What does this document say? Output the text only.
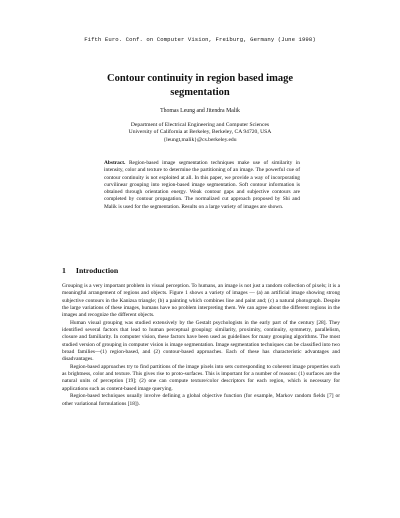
Fifth Euro. Conf. on Computer Vision, Freiburg, Germany (June 1998)
Contour continuity in region based image segmentation
Thomas Leung and Jitendra Malik
Department of Electrical Engineering and Computer Sciences
University of California at Berkeley, Berkeley, CA 94720, USA
{leungt,malik}@cs.berkeley.edu
Abstract. Region-based image segmentation techniques make use of similarity in intensity, color and texture to determine the partitioning of an image. The powerful cue of contour continuity is not exploited at all. In this paper, we provide a way of incorporating curvilinear grouping into region-based image segmentation. Soft contour information is obtained through orientation energy. Weak contour gaps and subjective contours are completed by contour propagation. The normalized cut approach proposed by Shi and Malik is used for the segmentation. Results on a large variety of images are shown.
1 Introduction

Grouping is a very important problem in visual perception. To humans, an image is not just a random collection of pixels; it is a meaningful arrangement of regions and objects. Figure 1 shows a variety of images — (a) an artificial image showing strong subjective contours in the Kanizsa triangle; (b) a painting which combines line and paint and; (c) a natural photograph. Despite the large variations of these images, humans have no problem interpreting them. We can agree about the different regions in the images and recognize the different objects.

Human visual grouping was studied extensively by the Gestalt psychologists in the early part of the century [28]. They identified several factors that lead to human perceptual grouping: similarity, proximity, continuity, symmetry, parallelism, closure and familiarity. In computer vision, these factors have been used as guidelines for many grouping algorithms. The most studied version of grouping in computer vision is image segmentation. Image segmentation techniques can be classified into two broad families—(1) region-based, and (2) contour-based approaches. Each of these has characteristic advantages and disadvantages.

Region-based approaches try to find partitions of the image pixels into sets corresponding to coherent image properties such as brightness, color and texture. This gives rise to proto-surfaces. This is important for a number of reasons: (1) surfaces are the natural units of perception [19]; (2) one can compute texture/color descriptors for each region, which is necessary for applications such as content-based image querying.

Region-based techniques usually involve defining a global objective function (for example, Markov random fields [7] or other variational formulations [18]).
